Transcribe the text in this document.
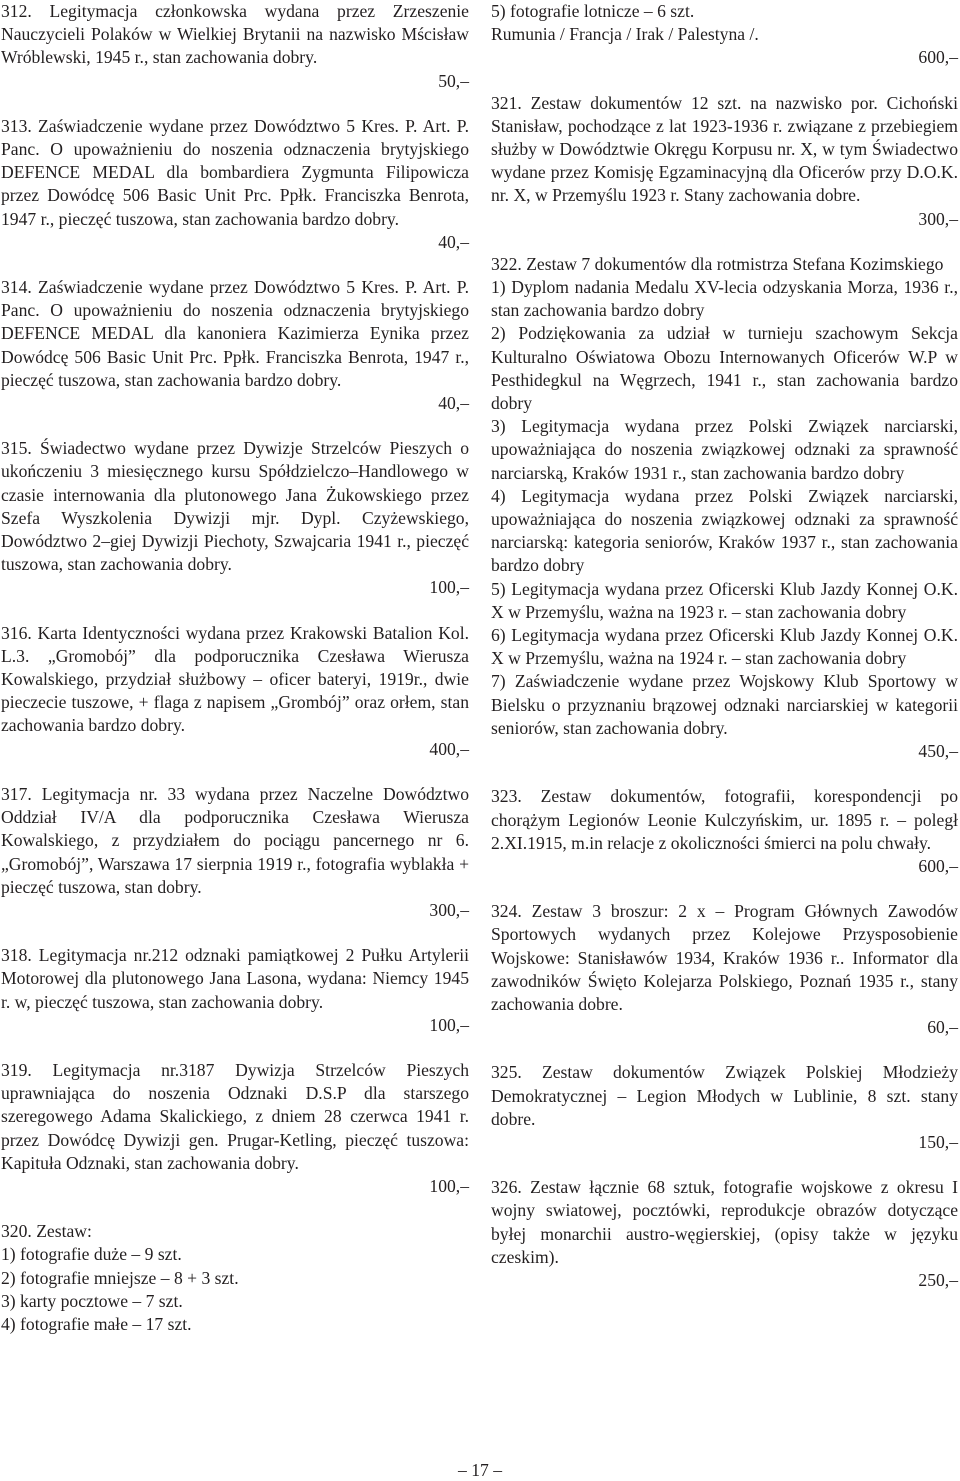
312. Legitymacja członkowska wydana przez Zrzeszenie Nauczycieli Polaków w Wielkiej Brytanii na nazwisko Mścisław Wróblewski, 1945 r., stan zachowania dobry.

50,–

313. Zaświadczenie wydane przez Dowództwo 5 Kres. P. Art. P. Panc. O upoważnieniu do noszenia odznaczenia brytyjskiego DEFENCE MEDAL dla bombardiera Zygmunta Filipowicza przez Dowódcę 506 Basic Unit Prc. Ppłk. Franciszka Benrota, 1947 r., pieczęć tuszowa, stan zachowania bardzo dobry.

40,–

314. Zaświadczenie wydane przez Dowództwo 5 Kres. P. Art. P. Panc. O upoważnieniu do noszenia odznaczenia brytyjskiego DEFENCE MEDAL dla kanoniera Kazimierza Eynika przez Dowódcę 506 Basic Unit Prc. Ppłk. Franciszka Benrota, 1947 r., pieczęć tuszowa, stan zachowania bardzo dobry.

40,–

315. Świadectwo wydane przez Dywizje Strzelców Pieszych o ukończeniu 3 miesięcznego kursu Spółdzielczo–Handlowego w czasie internowania dla plutonowego Jana Żukowskiego przez Szefa Wyszkolenia Dywizji mjr. Dypl. Czyżewskiego, Dowództwo 2–giej Dywizji Piechoty, Szwajcaria 1941 r., pieczęć tuszowa, stan zachowania dobry.

100,–

316. Karta Identyczności wydana przez Krakowski Batalion Kol. L.3. „Gromobój” dla podporucznika Czesława Wierusza Kowalskiego, przydział służbowy – oficer bateryi, 1919r., dwie pieczecie tuszowe, + flaga z napisem „Grombój” oraz orłem, stan zachowania bardzo dobry.

400,–

317. Legitymacja nr. 33 wydana przez Naczelne Dowództwo Oddział IV/A dla podporucznika Czesława Wierusza Kowalskiego, z przydziałem do pociągu pancernego nr 6. „Gromobój”, Warszawa 17 sierpnia 1919 r., fotografia wyblakła + pieczęć tuszowa, stan dobry.

300,–

318. Legitymacja nr.212 odznaki pamiątkowej 2 Pułku Artylerii Motorowej dla plutonowego Jana Lasona, wydana: Niemcy 1945 r. w, pieczęć tuszowa, stan zachowania dobry.

100,–

319. Legitymacja nr.3187 Dywizja Strzelców Pieszych uprawniająca do noszenia Odznaki D.S.P dla starszego szeregowego Adama Skalickiego, z dniem 28 czerwca 1941 r. przez Dowódcę Dywizji gen. Prugar-Ketling, pieczęć tuszowa: Kapituła Odznaki, stan zachowania dobry.

100,–

320. Zestaw:

1) fotografie duże – 9 szt.

2) fotografie mniejsze – 8 + 3 szt.

3) karty pocztowe – 7 szt.

4) fotografie małe – 17 szt.

5) fotografie lotnicze – 6 szt.

Rumunia / Francja / Irak / Palestyna /.

600,–

321. Zestaw dokumentów 12 szt. na nazwisko por. Cichoński Stanisław, pochodzące z lat 1923-1936 r. związane z przebiegiem służby w Dowództwie Okręgu Korpusu nr. X, w tym Świadectwo wydane przez Komisję Egzaminacyjną dla Oficerów przy D.O.K. nr. X, w Przemyślu 1923 r. Stany zachowania dobre.

300,–

322. Zestaw 7 dokumentów dla rotmistrza Stefana Kozimskiego

1) Dyplom nadania Medalu XV-lecia odzyskania Morza, 1936 r., stan zachowania bardzo dobry

2) Podziękowania za udział w turnieju szachowym Sekcja Kulturalno Oświatowa Obozu Internowanych Oficerów W.P w Pesthidegkul na Węgrzech, 1941 r., stan zachowania bardzo dobry

3) Legitymacja wydana przez Polski Związek narciarski, upoważniająca do noszenia związkowej odznaki za sprawność narciarską, Kraków 1931 r., stan zachowania bardzo dobry

4) Legitymacja wydana przez Polski Związek narciarski, upoważniająca do noszenia związkowej odznaki za sprawność narciarską: kategoria seniorów, Kraków 1937 r., stan zachowania bardzo dobry

5) Legitymacja wydana przez Oficerski Klub Jazdy Konnej O.K. X w Przemyślu, ważna na 1923 r. – stan zachowania dobry

6) Legitymacja wydana przez Oficerski Klub Jazdy Konnej O.K. X w Przemyślu, ważna na 1924 r. – stan zachowania dobry

7) Zaświadczenie wydane przez Wojskowy Klub Sportowy w Bielsku o przyznaniu brązowej odznaki narciarskiej w kategorii seniorów, stan zachowania dobry.

450,–

323. Zestaw dokumentów, fotografii, korespondencji po chorążym Legionów Leonie Kulczyńskim, ur. 1895 r. – poległ 2.XI.1915, m.in relacje z okoliczności śmierci na polu chwały.

600,–

324. Zestaw 3 broszur: 2 x – Program Głównych Zawodów Sportowych wydanych przez Kolejowe Przysposobienie Wojskowe: Stanisławów 1934, Kraków 1936 r.. Informator dla zawodników Święto Kolejarza Polskiego, Poznań 1935 r., stany zachowania dobre.

60,–

325. Zestaw dokumentów Związek Polskiej Młodzieży Demokratycznej – Legion Młodych w Lublinie, 8 szt. stany dobre.

150,–

326. Zestaw łącznie 68 sztuk, fotografie wojskowe z okresu I wojny swiatowej, pocztówki, reprodukcje obrazów dotyczące byłej monarchii austro-węgierskiej, (opisy także w języku czeskim).

250,–

– 17 –
